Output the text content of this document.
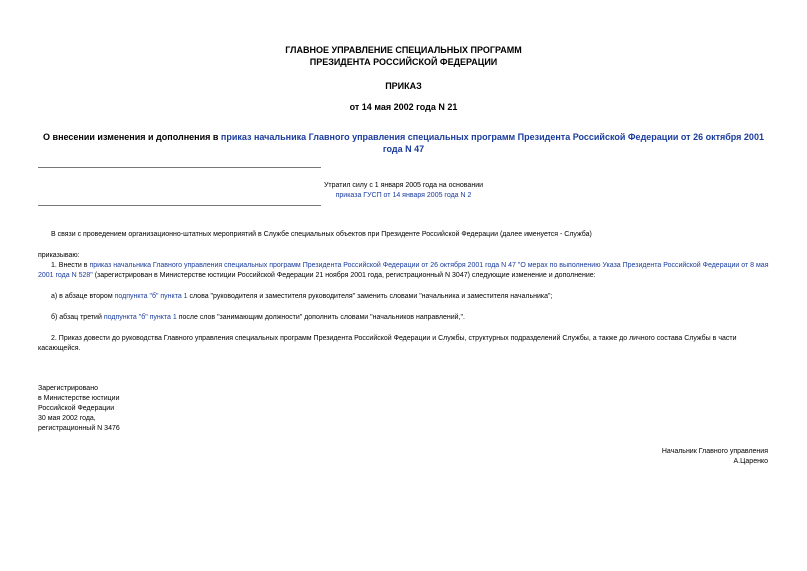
ГЛАВНОЕ УПРАВЛЕНИЕ СПЕЦИАЛЬНЫХ ПРОГРАММ
ПРЕЗИДЕНТА РОССИЙСКОЙ ФЕДЕРАЦИИ
ПРИКАЗ
от 14 мая 2002 года N 21
О внесении изменения и дополнения в приказ начальника Главного управления специальных программ Президента Российской Федерации от 26 октября 2001 года N 47
Утратил силу с 1 января 2005 года на основании
приказа ГУСП от 14 января 2005 года N 2
В связи с проведением организационно-штатных мероприятий в Службе специальных объектов при Президенте Российской Федерации (далее именуется - Служба)
приказываю:
1. Внести в приказ начальника Главного управления специальных программ Президента Российской Федерации от 26 октября 2001 года N 47 "О мерах по выполнению Указа Президента Российской Федерации от 8 мая 2001 года N 528" (зарегистрирован в Министерстве юстиции Российской Федерации 21 ноября 2001 года, регистрационный N 3047) следующие изменение и дополнение:
а) в абзаце втором подпункта "б" пункта 1 слова "руководителя и заместителя руководителя" заменить словами "начальника и заместителя начальника";
б) абзац третий подпункта "б" пункта 1 после слов "занимающим должности" дополнить словами "начальников направлений,".
2. Приказ довести до руководства Главного управления специальных программ Президента Российской Федерации и Службы, структурных подразделений Службы, а также до личного состава Службы в части касающейся.
Зарегистрировано
в Министерстве юстиции
Российской Федерации
30 мая 2002 года,
регистрационный N 3476
Начальник Главного управления
А.Царенко
